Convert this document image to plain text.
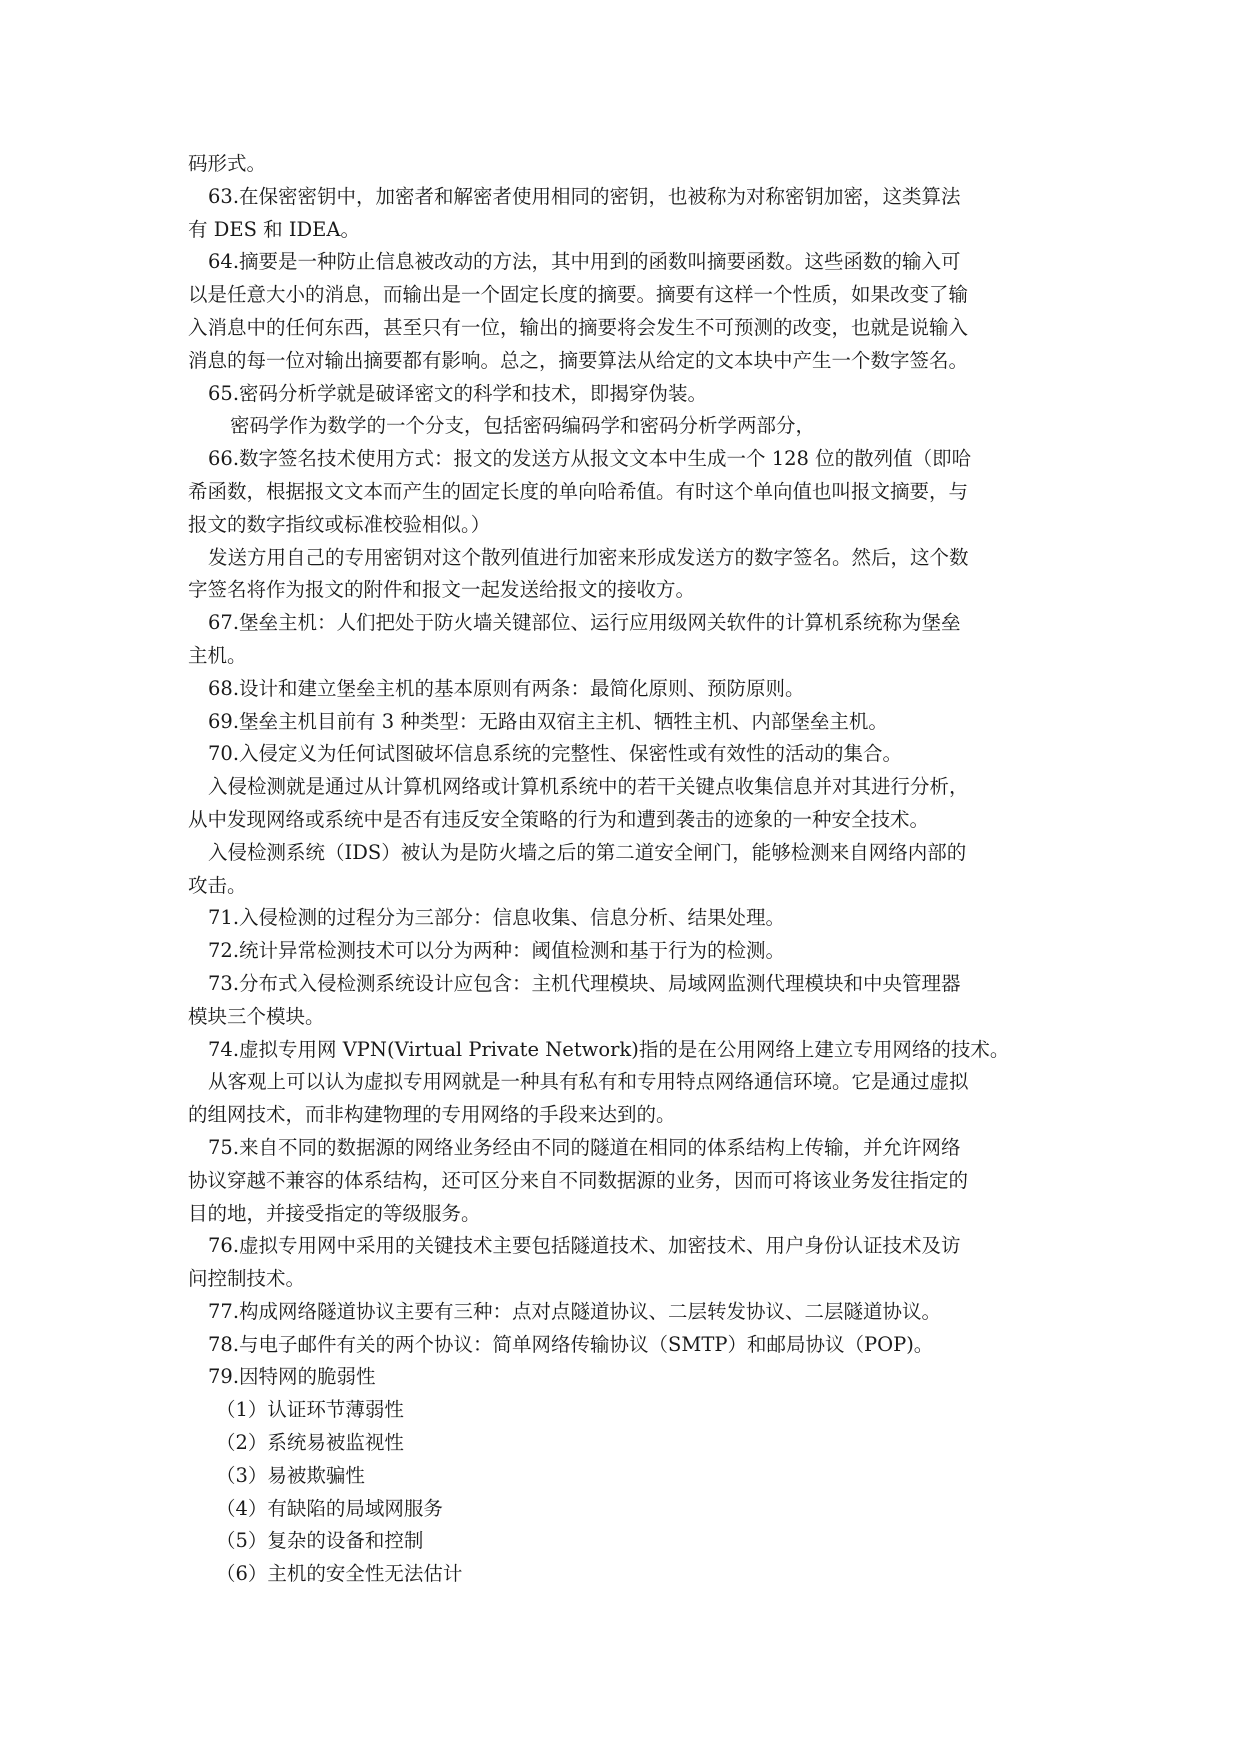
码形式。
63.在保密密钥中，加密者和解密者使用相同的密钥，也被称为对称密钥加密，这类算法
有 DES 和 IDEA。
64.摘要是一种防止信息被改动的方法，其中用到的函数叫摘要函数。这些函数的输入可
以是任意大小的消息，而输出是一个固定长度的摘要。摘要有这样一个性质，如果改变了输
入消息中的任何东西，甚至只有一位，输出的摘要将会发生不可预测的改变，也就是说输入
消息的每一位对输出摘要都有影响。总之，摘要算法从给定的文本块中产生一个数字签名。
65.密码分析学就是破译密文的科学和技术，即揭穿伪装。
密码学作为数学的一个分支，包括密码编码学和密码分析学两部分，
66.数字签名技术使用方式：报文的发送方从报文文本中生成一个 128 位的散列值（即哈
希函数，根据报文文本而产生的固定长度的单向哈希值。有时这个单向值也叫报文摘要，与
报文的数字指纹或标准校验相似。）
发送方用自己的专用密钥对这个散列值进行加密来形成发送方的数字签名。然后，这个数
字签名将作为报文的附件和报文一起发送给报文的接收方。
67.堡垒主机：人们把处于防火墙关键部位、运行应用级网关软件的计算机系统称为堡垒
主机。
68.设计和建立堡垒主机的基本原则有两条：最简化原则、预防原则。
69.堡垒主机目前有 3 种类型：无路由双宿主主机、牺牲主机、内部堡垒主机。
70.入侵定义为任何试图破坏信息系统的完整性、保密性或有效性的活动的集合。
入侵检测就是通过从计算机网络或计算机系统中的若干关键点收集信息并对其进行分析，
从中发现网络或系统中是否有违反安全策略的行为和遭到袭击的迹象的一种安全技术。
入侵检测系统（IDS）被认为是防火墙之后的第二道安全闸门，能够检测来自网络内部的
攻击。
71.入侵检测的过程分为三部分：信息收集、信息分析、结果处理。
72.统计异常检测技术可以分为两种：阈值检测和基于行为的检测。
73.分布式入侵检测系统设计应包含：主机代理模块、局域网监测代理模块和中央管理器
模块三个模块。
74.虚拟专用网 VPN(Virtual Private Network)指的是在公用网络上建立专用网络的技术。
从客观上可以认为虚拟专用网就是一种具有私有和专用特点网络通信环境。它是通过虚拟
的组网技术，而非构建物理的专用网络的手段来达到的。
75.来自不同的数据源的网络业务经由不同的隧道在相同的体系结构上传输，并允许网络
协议穿越不兼容的体系结构，还可区分来自不同数据源的业务，因而可将该业务发往指定的
目的地，并接受指定的等级服务。
76.虚拟专用网中采用的关键技术主要包括隧道技术、加密技术、用户身份认证技术及访
问控制技术。
77.构成网络隧道协议主要有三种：点对点隧道协议、二层转发协议、二层隧道协议。
78.与电子邮件有关的两个协议：简单网络传输协议（SMTP）和邮局协议（POP)。
79.因特网的脆弱性
（1）认证环节薄弱性
（2）系统易被监视性
（3）易被欺骗性
（4）有缺陷的局域网服务
（5）复杂的设备和控制
（6）主机的安全性无法估计
